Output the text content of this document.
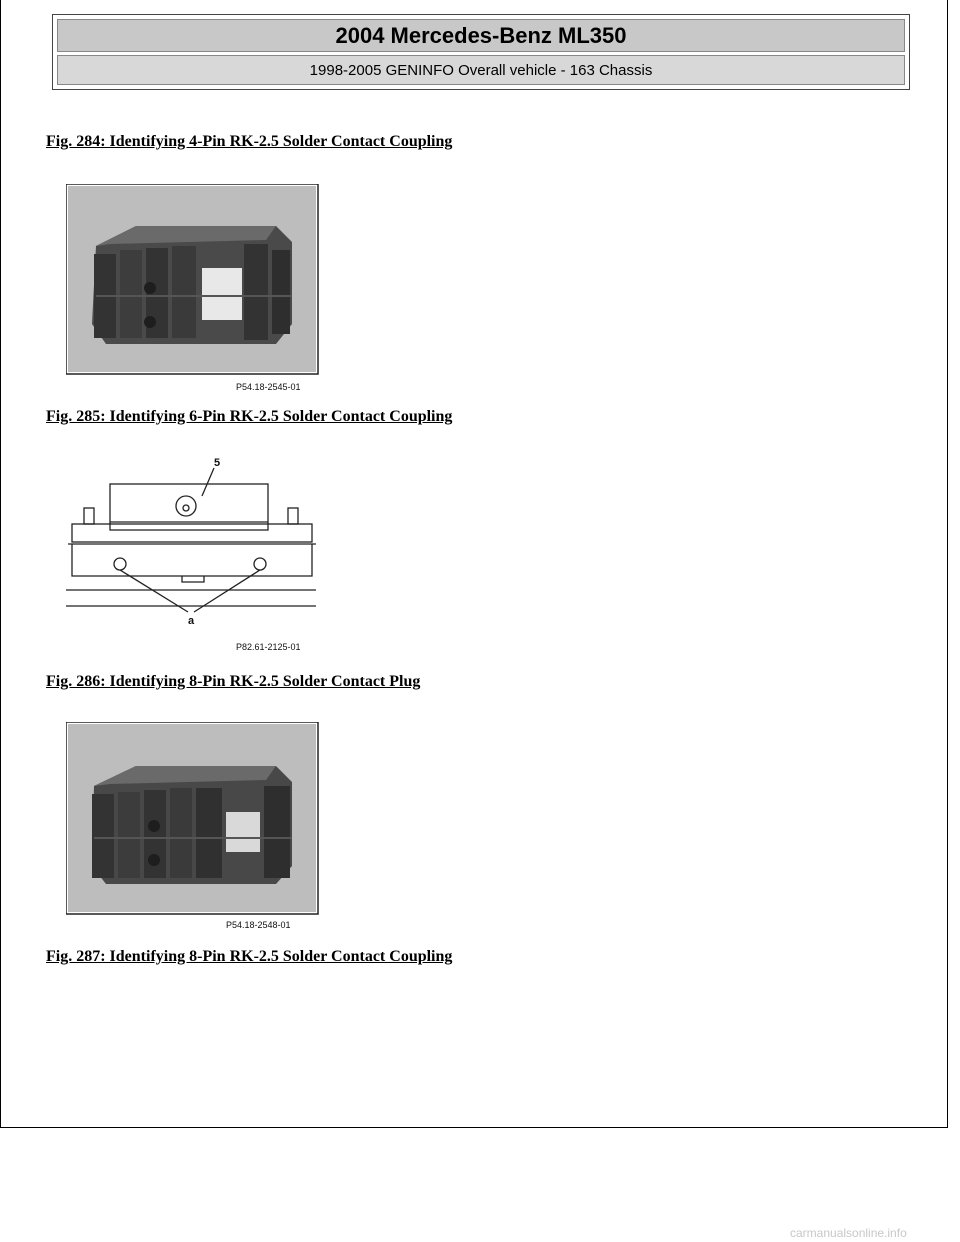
2004 Mercedes-Benz ML350
1998-2005 GENINFO Overall vehicle - 163 Chassis
Fig. 284: Identifying 4-Pin RK-2.5 Solder Contact Coupling
P54.18-2545-01
Fig. 285: Identifying 6-Pin RK-2.5 Solder Contact Coupling
5
a
P82.61-2125-01
Fig. 286: Identifying 8-Pin RK-2.5 Solder Contact Plug
P54.18-2548-01
Fig. 287: Identifying 8-Pin RK-2.5 Solder Contact Coupling
carmanualsonline.info
